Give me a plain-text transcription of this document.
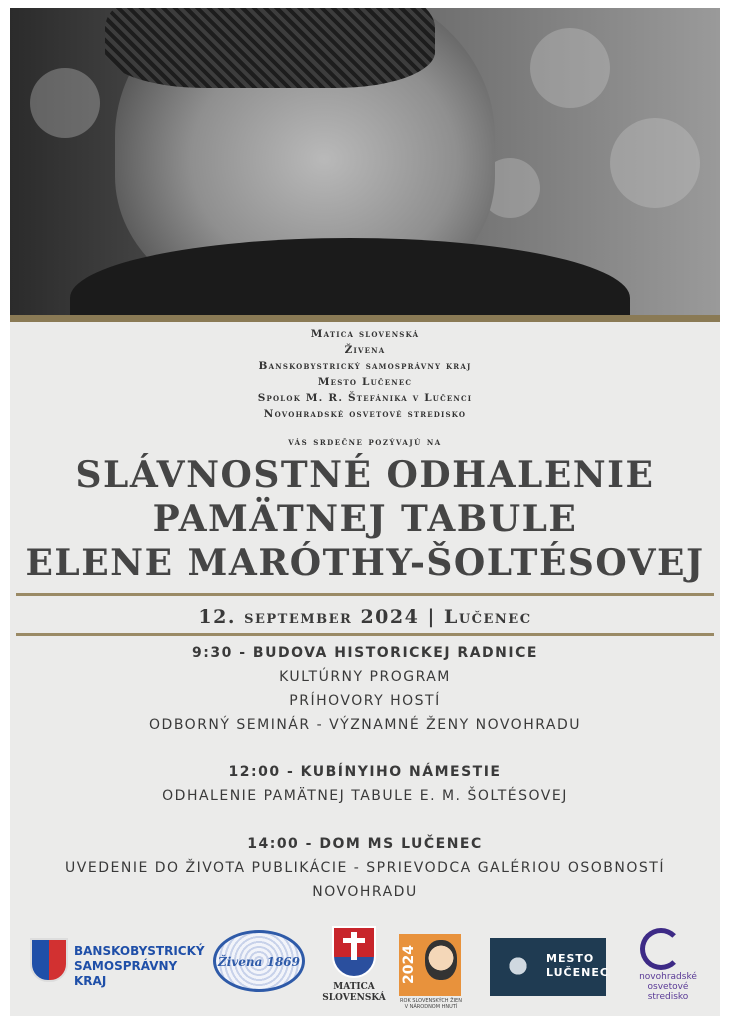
Matica slovenská
Živena
Banskobystrický samosprávny kraj
Mesto Lučenec
Spolok M. R. Štefánika v Lučenci
Novohradské osvetové stredisko
vás srdečne pozývajú na
SLÁVNOSTNÉ ODHALENIE
PAMÄTNEJ TABULE
ELENE MARÓTHY-ŠOLTÉSOVEJ
12. september 2024 | Lučenec
9:30 - BUDOVA HISTORICKEJ RADNICE
KULTÚRNY PROGRAM
PRÍHOVORY HOSTÍ
ODBORNÝ SEMINÁR - VÝZNAMNÉ ŽENY NOVOHRADU
12:00 - KUBÍNYIHO NÁMESTIE
ODHALENIE PAMÄTNEJ TABULE E. M. ŠOLTÉSOVEJ
14:00 - DOM MS LUČENEC
UVEDENIE DO ŽIVOTA PUBLIKÁCIE - SPRIEVODCA GALÉRIOU OSOBNOSTÍ
NOVOHRADU
BANSKOBYSTRICKÝ
SAMOSPRÁVNY KRAJ
Živena 1869
MATICA
SLOVENSKÁ
2024
ROK SLOVENSKÝCH ŽIEN V NÁRODNOM HNUTÍ
MESTO
LUČENEC	novohradské
osvetové
stredisko
